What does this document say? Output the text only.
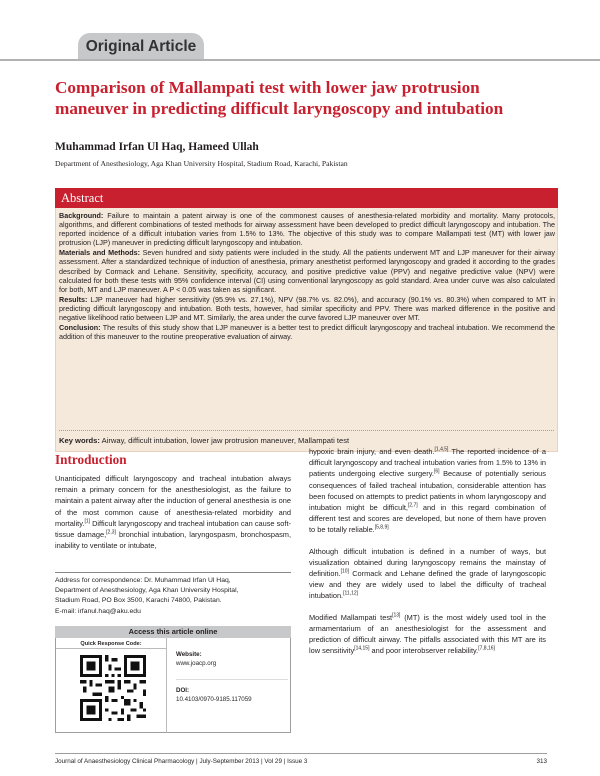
Original Article
Comparison of Mallampati test with lower jaw protrusion maneuver in predicting difficult laryngoscopy and intubation
Muhammad Irfan Ul Haq, Hameed Ullah
Department of Anesthesiology, Aga Khan University Hospital, Stadium Road, Karachi, Pakistan
Abstract

Background: Failure to maintain a patent airway is one of the commonest causes of anesthesia-related morbidity and mortality. Many protocols, algorithms, and different combinations of tested methods for airway assessment have been developed to predict difficult laryngoscopy and intubation. The reported incidence of a difficult intubation varies from 1.5% to 13%. The objective of this study was to compare Mallampati test (MT) with lower jaw protrusion (LJP) maneuver in predicting difficult laryngoscopy and intubation.

Materials and Methods: Seven hundred and sixty patients were included in the study. All the patients underwent MT and LJP maneuver for their airway assessment. After a standardized technique of induction of anesthesia, primary anesthetist performed laryngoscopy and graded it according to the grades described by Cormack and Lehane. Sensitivity, specificity, accuracy, and positive predictive value (PPV) and negative predictive value (NPV) were calculated for both these tests with 95% confidence interval (CI) using conventional laryngoscopy as gold standard. Area under curve was also calculated for both, MT and LJP maneuver. A P < 0.05 was taken as significant.

Results: LJP maneuver had higher sensitivity (95.9% vs. 27.1%), NPV (98.7% vs. 82.0%), and accuracy (90.1% vs. 80.3%) when compared to MT in predicting difficult laryngoscopy and intubation. Both tests, however, had similar specificity and PPV. There was marked difference in the positive and negative likelihood ratio between LJP and MT. Similarly, the area under the curve favored LJP maneuver over MT.

Conclusion: The results of this study show that LJP maneuver is a better test to predict difficult laryngoscopy and tracheal intubation. We recommend the addition of this maneuver to the routine preoperative evaluation of airway.

Key words: Airway, difficult intubation, lower jaw protrusion maneuver, Mallampati test
Introduction

Unanticipated difficult laryngoscopy and tracheal intubation always remain a primary concern for the anesthesiologist, as the failure to maintain a patent airway after the induction of general anesthesia is one of the most common cause of anesthesia-related morbidity and mortality.[1] Difficult laryngoscopy and tracheal intubation can cause soft-tissue damage,[2,3] bronchial intubation, laryngospasm, bronchospasm, inability to ventilate or intubate,

Address for correspondence: Dr. Muhammad Irfan Ul Haq,
Department of Anesthesiology, Aga Khan University Hospital,
Stadium Road, PO Box 3500, Karachi 74800, Pakistan.
E-mail: irfanul.haq@aku.edu
Access this article online
Quick Response Code:
Website:
www.joacp.org
DOI:
10.4103/0970-9185.117059

hypoxic brain injury, and even death.[1,4,5] The reported incidence of a difficult laryngoscopy and tracheal intubation varies from 1.5% to 13% in patients undergoing elective surgery.[6] Because of potentially serious consequences of failed tracheal intubation, considerable attention has been focused on attempts to predict patients in whom laryngoscopy and intubation might be difficult,[2,7] and in this regard combination of different test and scores are developed, but none of them have proven to be totally reliable.[5,8,9]

Although difficult intubation is defined in a number of ways, but visualization obtained during laryngoscopy remains the mainstay of definition.[10] Cormack and Lehane defined the grade of laryngoscopic view and they are widely used to label the difficulty of tracheal intubation.[11,12]

Modified Mallampati test[13] (MT) is the most widely used tool in the armamentarium of an anesthesiologist for the assessment and prediction of difficult airway. The pitfalls associated with this MT are its low sensitivity[14,15] and poor interobserver reliability.[7,8,16]

Journal of Anaesthesiology Clinical Pharmacology | July-September 2013 | Vol 29 | Issue 3	313
